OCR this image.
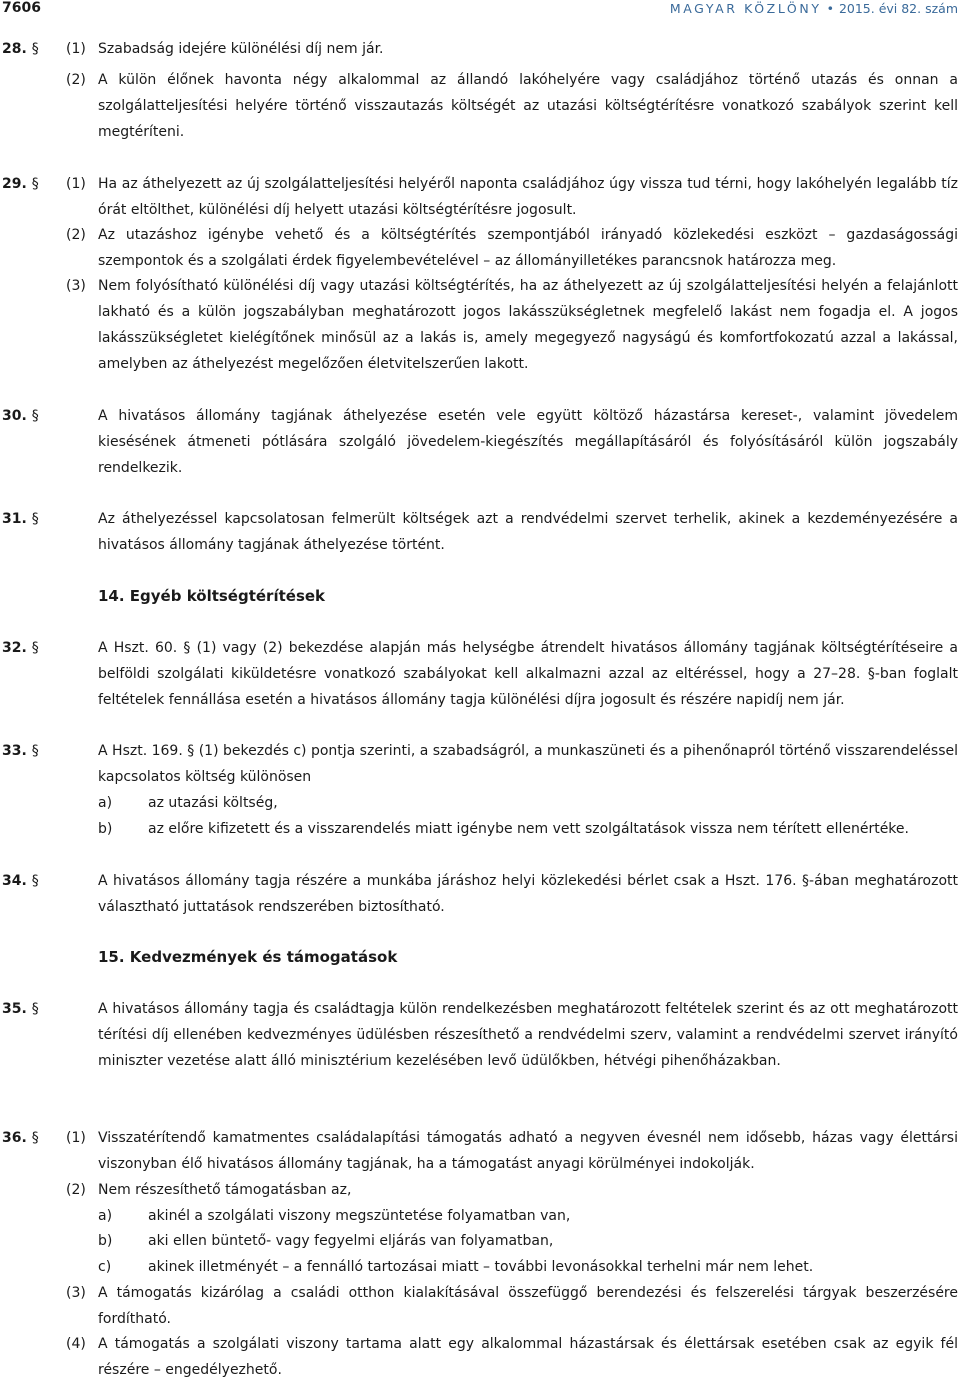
7606	MAGYAR KÖZLÖNY • 2015. évi 82. szám
28. § (1) Szabadság idejére különélési díj nem jár.

(2) A külön élőnek havonta négy alkalommal az állandó lakóhelyére vagy családjához történő utazás és onnan a szolgálatteljesítési helyére történő visszautazás költségét az utazási költségtérítésre vonatkozó szabályok szerint kell megtéríteni.

29. § (1) Ha az áthelyezett az új szolgálatteljesítési helyéről naponta családjához úgy vissza tud térni, hogy lakóhelyén legalább tíz órát eltölthet, különélési díj helyett utazási költségtérítésre jogosult.

(2) Az utazáshoz igénybe vehető és a költségtérítés szempontjából irányadó közlekedési eszközt – gazdaságossági szempontok és a szolgálati érdek figyelembevételével – az állományilletékes parancsnok határozza meg.

(3) Nem folyósítható különélési díj vagy utazási költségtérítés, ha az áthelyezett az új szolgálatteljesítési helyén a felajánlott lakható és a külön jogszabályban meghatározott jogos lakásszükségletnek megfelelő lakást nem fogadja el. A jogos lakásszükségletet kielégítőnek minősül az a lakás is, amely megegyező nagyságú és komfortfokozatú azzal a lakással, amelyben az áthelyezést megelőzően életvitelszerűen lakott.

30. §	A hivatásos állomány tagjának áthelyezése esetén vele együtt költöző házastársa kereset-, valamint jövedelem kiesésének átmeneti pótlására szolgáló jövedelem-kiegészítés megállapításáról és folyósításáról külön jogszabály rendelkezik.

31. §	Az áthelyezéssel kapcsolatosan felmerült költségek azt a rendvédelmi szervet terhelik, akinek a kezdeményezésére a hivatásos állomány tagjának áthelyezése történt.

14. Egyéb költségtérítések
32. §	A Hszt. 60. § (1) vagy (2) bekezdése alapján más helységbe átrendelt hivatásos állomány tagjának költségtérítéseire a belföldi szolgálati kiküldetésre vonatkozó szabályokat kell alkalmazni azzal az eltéréssel, hogy a 27–28. §-ban foglalt feltételek fennállása esetén a hivatásos állomány tagja különélési díjra jogosult és részére napidíj nem jár.

33. §	A Hszt. 169. § (1) bekezdés c) pontja szerinti, a szabadságról, a munkaszüneti és a pihenőnapról történő visszarendeléssel kapcsolatos költség különösen

a)	az utazási költség,

b)	az előre kifizetett és a visszarendelés miatt igénybe nem vett szolgáltatások vissza nem térített ellenértéke.

34. §	A hivatásos állomány tagja részére a munkába járáshoz helyi közlekedési bérlet csak a Hszt. 176. §-ában meghatározott választható juttatások rendszerében biztosítható.

15. Kedvezmények és támogatások
35. §	A hivatásos állomány tagja és családtagja külön rendelkezésben meghatározott feltételek szerint és az ott meghatározott térítési díj ellenében kedvezményes üdülésben részesíthető a rendvédelmi szerv, valamint a rendvédelmi szervet irányító miniszter vezetése alatt álló minisztérium kezelésében levő üdülőkben, hétvégi pihenőházakban.

36. § (1) Visszatérítendő kamatmentes családalapítási támogatás adható a negyven évesnél nem idősebb, házas vagy élettársi viszonyban élő hivatásos állomány tagjának, ha a támogatást anyagi körülményei indokolják.

(2) Nem részesíthető támogatásban az,

a)	akinél a szolgálati viszony megszüntetése folyamatban van,

b)	aki ellen büntető- vagy fegyelmi eljárás van folyamatban,

c)	akinek illetményét – a fennálló tartozásai miatt – további levonásokkal terhelni már nem lehet.

(3) A támogatás kizárólag a családi otthon kialakításával összefüggő berendezési és felszerelési tárgyak beszerzésére fordítható.

(4) A támogatás a szolgálati viszony tartama alatt egy alkalommal házastársak és élettársak esetében csak az egyik fél részére – engedélyezhető.
